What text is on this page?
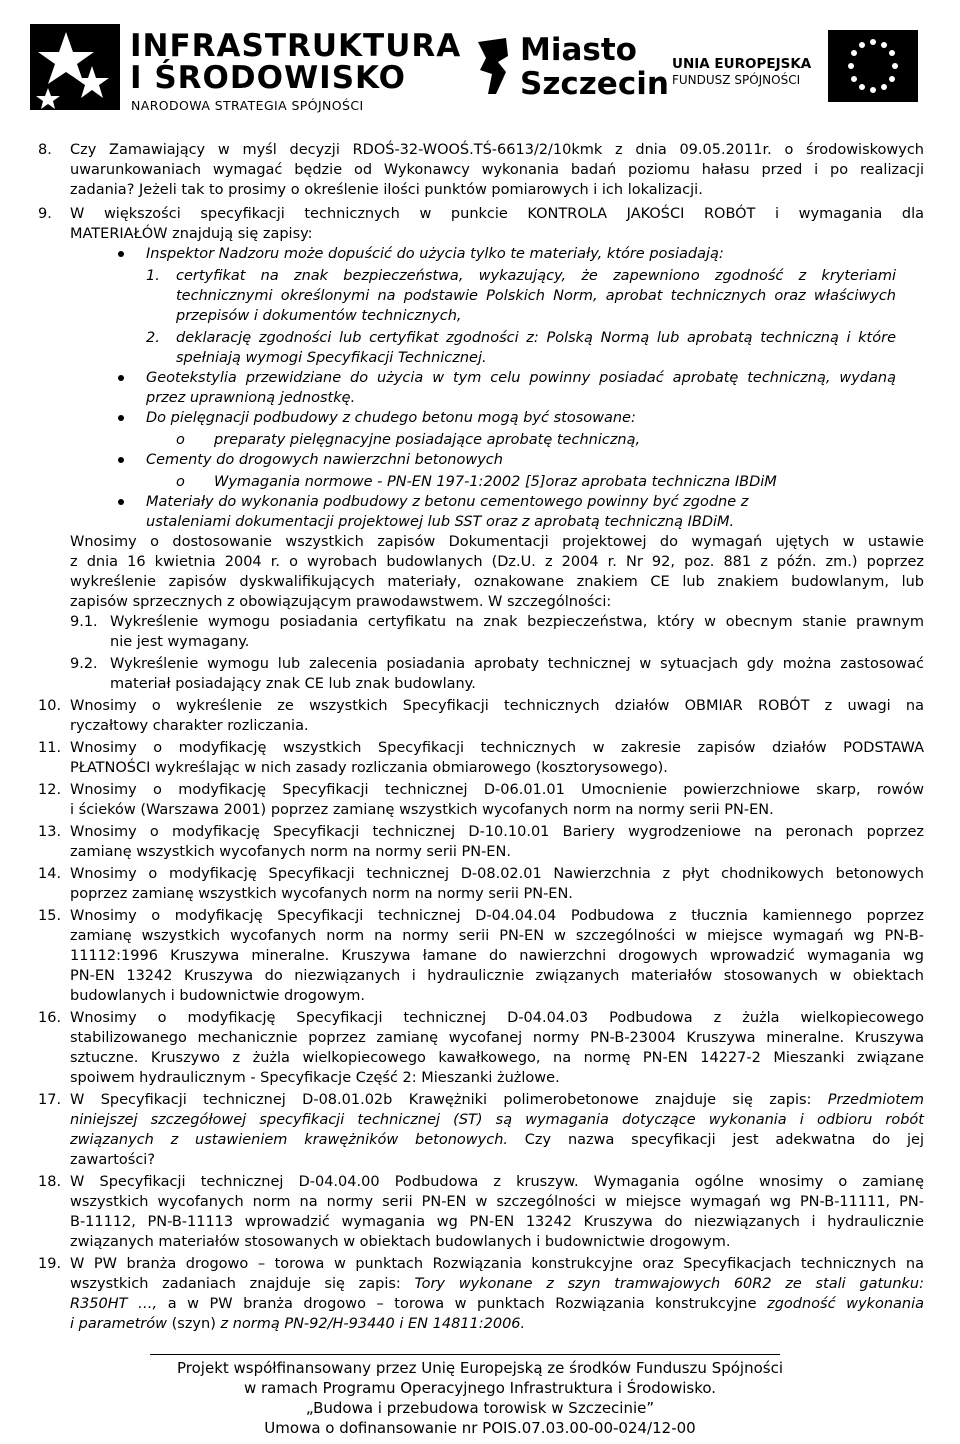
INFRASTRUKTURA
I ŚRODOWISKO
NARODOWA STRATEGIA SPÓJNOŚCI
Miasto
Szczecin
UNIA EUROPEJSKA
FUNDUSZ SPÓJNOŚCI
8. Czy Zamawiający w myśl decyzji RDOŚ-32-WOOŚ.TŚ-6613/2/10kmk z dnia 09.05.2011r. o środowiskowych
uwarunkowaniach wymagać będzie od Wykonawcy wykonania badań poziomu hałasu przed i po realizacji
zadania? Jeżeli tak to prosimy o określenie ilości punktów pomiarowych i ich lokalizacji.
9. W większości specyfikacji technicznych w punkcie KONTROLA JAKOŚCI ROBÓT i wymagania dla
MATERIAŁÓW znajdują się zapisy:
Inspektor Nadzoru może dopuścić do użycia tylko te materiały, które posiadają:
1. certyfikat na znak bezpieczeństwa, wykazujący, że zapewniono zgodność z kryteriami
technicznymi określonymi na podstawie Polskich Norm, aprobat technicznych oraz właściwych
przepisów i dokumentów technicznych,
2. deklarację zgodności lub certyfikat zgodności z: Polską Normą lub aprobatą techniczną i które
spełniają wymogi Specyfikacji Technicznej.
Geotekstylia przewidziane do użycia w tym celu powinny posiadać aprobatę techniczną, wydaną
przez uprawnioną jednostkę.
Do pielęgnacji podbudowy z chudego betonu mogą być stosowane:
o preparaty pielęgnacyjne posiadające aprobatę techniczną,
Cementy do drogowych nawierzchni betonowych
o Wymagania normowe - PN-EN 197-1:2002 [5]oraz aprobata techniczna IBDiM
Materiały do wykonania podbudowy z betonu cementowego powinny być zgodne z
ustaleniami dokumentacji projektowej lub SST oraz z aprobatą techniczną IBDiM.
Wnosimy o dostosowanie wszystkich zapisów Dokumentacji projektowej do wymagań ujętych w ustawie
z dnia 16 kwietnia 2004 r. o wyrobach budowlanych (Dz.U. z 2004 r. Nr 92, poz. 881 z późn. zm.) poprzez
wykreślenie zapisów dyskwalifikujących materiały, oznakowane znakiem CE lub znakiem budowlanym, lub
zapisów sprzecznych z obowiązującym prawodawstwem. W szczególności:
9.1. Wykreślenie wymogu posiadania certyfikatu na znak bezpieczeństwa, który w obecnym stanie prawnym
nie jest wymagany.
9.2. Wykreślenie wymogu lub zalecenia posiadania aprobaty technicznej w sytuacjach gdy można zastosować
materiał posiadający znak CE lub znak budowlany.
10. Wnosimy o wykreślenie ze wszystkich Specyfikacji technicznych działów OBMIAR ROBÓT z uwagi na
ryczałtowy charakter rozliczania.
11. Wnosimy o modyfikację wszystkich Specyfikacji technicznych w zakresie zapisów działów PODSTAWA
PŁATNOŚCI wykreślając w nich zasady rozliczania obmiarowego (kosztorysowego).
12. Wnosimy o modyfikację Specyfikacji technicznej D-06.01.01 Umocnienie powierzchniowe skarp, rowów
i ścieków (Warszawa 2001) poprzez zamianę wszystkich wycofanych norm na normy serii PN-EN.
13. Wnosimy o modyfikację Specyfikacji technicznej D-10.10.01 Bariery wygrodzeniowe na peronach poprzez
zamianę wszystkich wycofanych norm na normy serii PN-EN.
14. Wnosimy o modyfikację Specyfikacji technicznej D-08.02.01 Nawierzchnia z płyt chodnikowych betonowych
poprzez zamianę wszystkich wycofanych norm na normy serii PN-EN.
15. Wnosimy o modyfikację Specyfikacji technicznej D-04.04.04 Podbudowa z tłucznia kamiennego poprzez
zamianę wszystkich wycofanych norm na normy serii PN-EN w szczególności w miejsce wymagań wg PN-B-
11112:1996 Kruszywa mineralne. Kruszywa łamane do nawierzchni drogowych wprowadzić wymagania wg
PN-EN 13242 Kruszywa do niezwiązanych i hydraulicznie związanych materiałów stosowanych w obiektach
budowlanych i budownictwie drogowym.
16. Wnosimy o modyfikację Specyfikacji technicznej D-04.04.03 Podbudowa z żużla wielkopiecowego
stabilizowanego mechanicznie poprzez zamianę wycofanej normy PN-B-23004 Kruszywa mineralne. Kruszywa
sztuczne. Kruszywo z żużla wielkopiecowego kawałkowego, na normę PN-EN 14227-2 Mieszanki związane
spoiwem hydraulicznym - Specyfikacje Część 2: Mieszanki żużlowe.
17. W Specyfikacji technicznej D-08.01.02b Krawężniki polimerobetonowe znajduje się zapis: Przedmiotem
niniejszej szczegółowej specyfikacji technicznej (ST) są wymagania dotyczące wykonania i odbioru robót
związanych z ustawieniem krawężników betonowych. Czy nazwa specyfikacji jest adekwatna do jej
zawartości?
18. W Specyfikacji technicznej D-04.04.00 Podbudowa z kruszyw. Wymagania ogólne wnosimy o zamianę
wszystkich wycofanych norm na normy serii PN-EN w szczególności w miejsce wymagań wg PN-B-11111, PN-
B-11112, PN-B-11113 wprowadzić wymagania wg PN-EN 13242 Kruszywa do niezwiązanych i hydraulicznie
związanych materiałów stosowanych w obiektach budowlanych i budownictwie drogowym.
19. W PW branża drogowo – torowa w punktach Rozwiązania konstrukcyjne oraz Specyfikacjach technicznych na
wszystkich zadaniach znajduje się zapis: Tory wykonane z szyn tramwajowych 60R2 ze stali gatunku:
R350HT …, a w PW branża drogowo – torowa w punktach Rozwiązania konstrukcyjne zgodność wykonania
i parametrów (szyn) z normą PN-92/H-93440 i EN 14811:2006.
Projekt współfinansowany przez Unię Europejską ze środków Funduszu Spójności
w ramach Programu Operacyjnego Infrastruktura i Środowisko.
„Budowa i przebudowa torowisk w Szczecinie”
Umowa o dofinansowanie nr POIS.07.03.00-00-024/12-00
